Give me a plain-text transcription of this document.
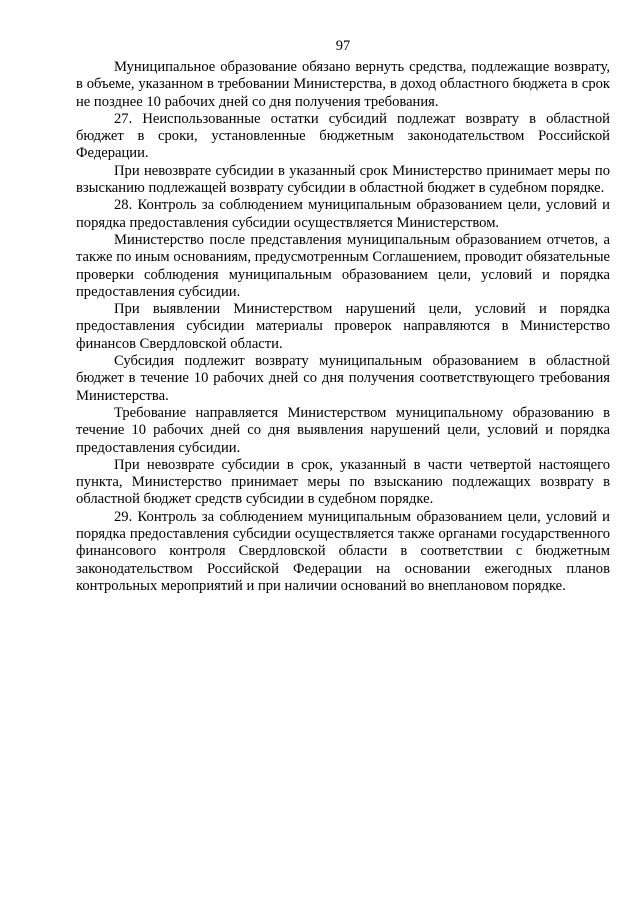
97

Муниципальное образование обязано вернуть средства, подлежащие возврату, в объеме, указанном в требовании Министерства, в доход областного бюджета в срок не позднее 10 рабочих дней со дня получения требования.

27. Неиспользованные остатки субсидий подлежат возврату в областной бюджет в сроки, установленные бюджетным законодательством Российской Федерации.

При невозврате субсидии в указанный срок Министерство принимает меры по взысканию подлежащей возврату субсидии в областной бюджет в судебном порядке.

28. Контроль за соблюдением муниципальным образованием цели, условий и порядка предоставления субсидии осуществляется Министерством.

Министерство после представления муниципальным образованием отчетов, а также по иным основаниям, предусмотренным Соглашением, проводит обязательные проверки соблюдения муниципальным образованием цели, условий и порядка предоставления субсидии.

При выявлении Министерством нарушений цели, условий и порядка предоставления субсидии материалы проверок направляются в Министерство финансов Свердловской области.

Субсидия подлежит возврату муниципальным образованием в областной бюджет в течение 10 рабочих дней со дня получения соответствующего требования Министерства.

Требование направляется Министерством муниципальному образованию в течение 10 рабочих дней со дня выявления нарушений цели, условий и порядка предоставления субсидии.

При невозврате субсидии в срок, указанный в части четвертой настоящего пункта, Министерство принимает меры по взысканию подлежащих возврату в областной бюджет средств субсидии в судебном порядке.

29. Контроль за соблюдением муниципальным образованием цели, условий и порядка предоставления субсидии осуществляется также органами государственного финансового контроля Свердловской области в соответствии с бюджетным законодательством Российской Федерации на основании ежегодных планов контрольных мероприятий и при наличии оснований во внеплановом порядке.
